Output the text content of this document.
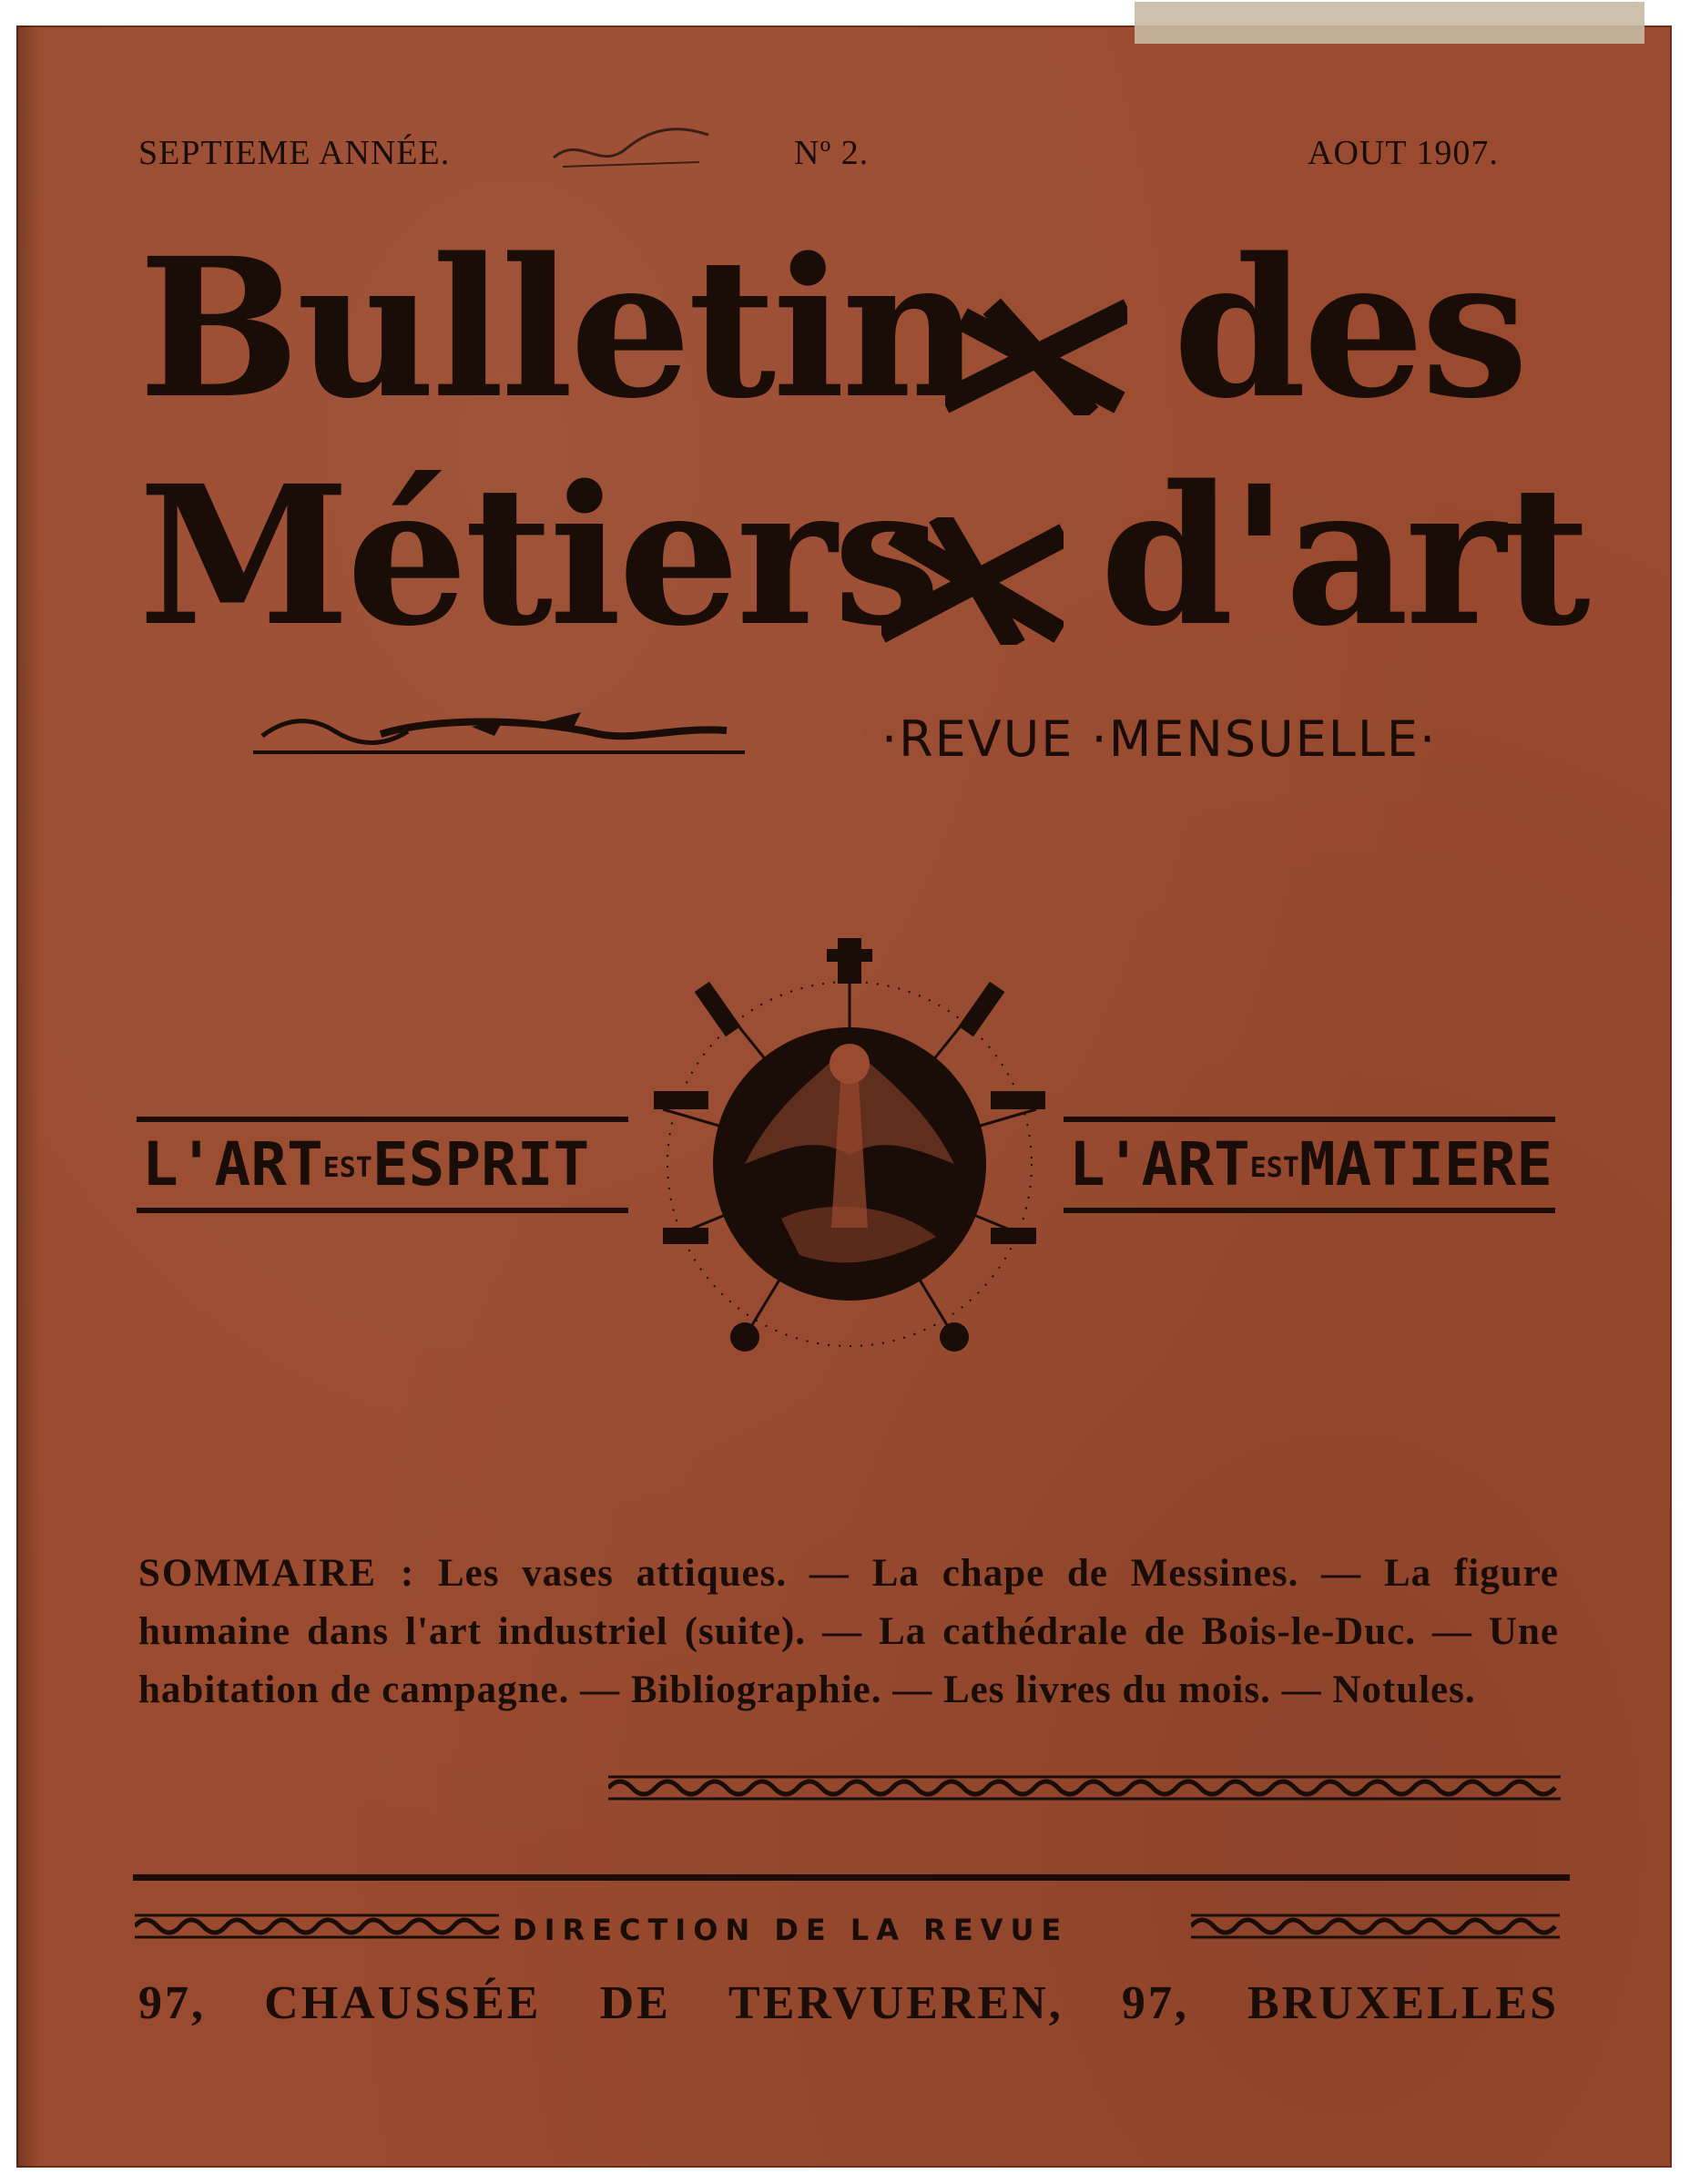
SEPTIEME ANNÉE.	Nº 2.	AOUT 1907.
Bulletin des
Métiers d'art
·REVUE ·MENSUELLE·
L'ARTESTESPRIT	L'ARTESTMATIERE
SOMMAIRE : Les vases attiques. — La chape de Messines. — La figure humaine dans l'art industriel (suite). — La cathédrale de Bois-le-Duc. — Une habitation de campagne. — Bibliographie. — Les livres du mois. — Notules.
DIRECTION DE LA REVUE
97, CHAUSSÉE DE TERVUEREN, 97, BRUXELLES
